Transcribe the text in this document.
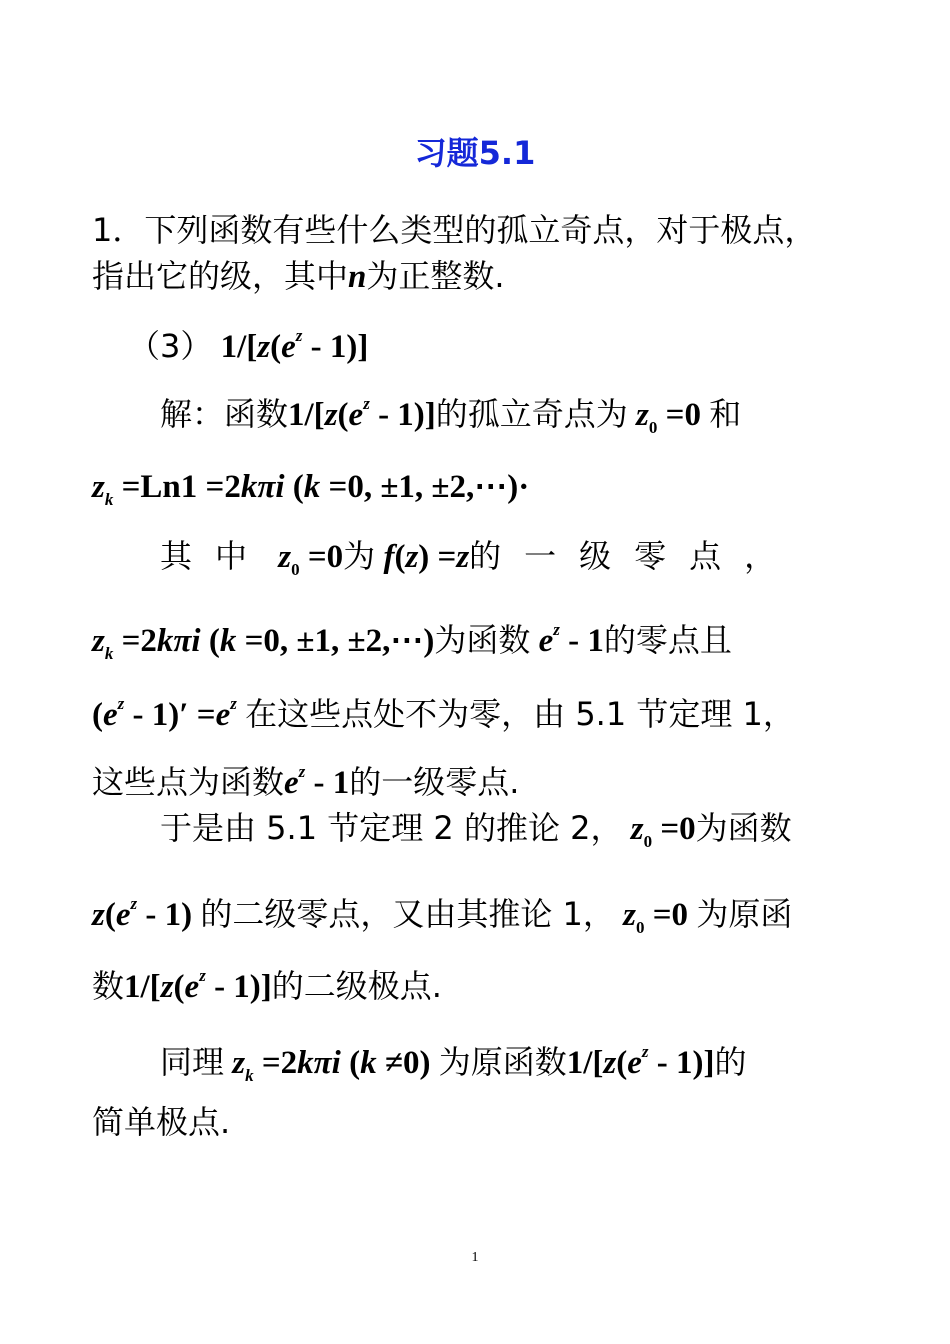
习题5.1
1．下列函数有些什么类型的孤立奇点，对于极点，
指出它的级，其中n为正整数.
（3） $1/[z(e^z - 1)]$
解：函数$1/[z(e^z - 1)]$的孤立奇点为 $z_0 =0$ 和
$z_k =Ln1 =2k\pi i$ (k =0, ±1, ±2,⋯)·
其中 $z_0 =0$为 f(z) =z的一级零点，
$z_k =2k\pi i$ (k =0, ±1, ±2,⋯)为函数 $e^z - 1$的零点且
$(e^z - 1)' =e^z$ 在这些点处不为零，由 5.1 节定理 1，
这些点为函数$e^z - 1$的一级零点.
于是由 5.1 节定理 2 的推论 2， $z_0 =0$为函数
$z(e^z - 1)$ 的二级零点，又由其推论 1， $z_0 =0$ 为原函
数$1/[z(e^z - 1)]$的二级极点.
同理 $z_k =2k\pi i$ (k ≠0) 为原函数$1/[z(e^z - 1)]$的
简单极点.
1
